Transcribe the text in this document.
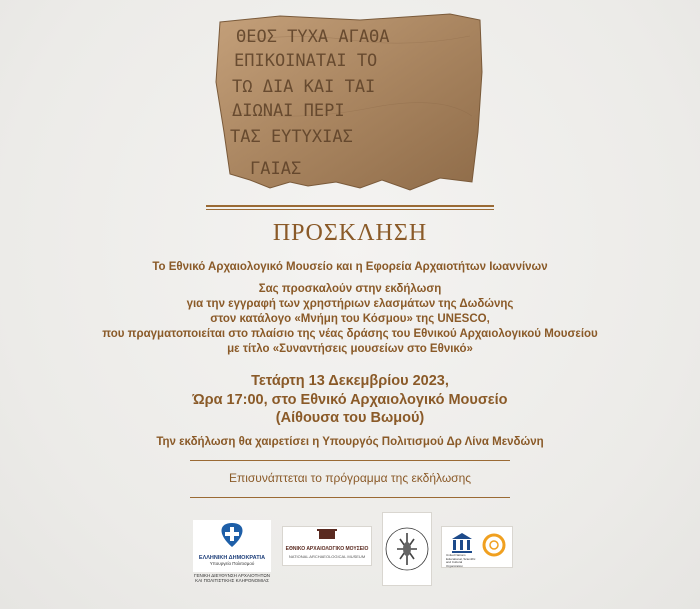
ΘΕΟΣ ΤΥΧΑ ΑΓΑΘΑ
ΕΠΙΚΟΙΝΑΤΑΙ ΤΟ
ΤΩ ΔΙΑ ΚΑΙ ΤΑΙ
ΔΙΩΝΑΙ ΠΕΡΙ
ΤΑΣ ΕΥΤΥΧΙΑΣ
ΓΑΙΑΣ
ΠΡΟΣΚΛΗΣΗ
Το Εθνικό Αρχαιολογικό Μουσείο και η Εφορεία Αρχαιοτήτων Ιωαννίνων
Σας προσκαλούν στην εκδήλωση
για την εγγραφή των χρηστήριων ελασμάτων της Δωδώνης
στον κατάλογο «Μνήμη του Κόσμου» της UNESCO,
που πραγματοποιείται στο πλαίσιο της νέας δράσης του Εθνικού Αρχαιολογικού Μουσείου
με τίτλο «Συναντήσεις μουσείων στο Εθνικό»
Τετάρτη 13 Δεκεμβρίου 2023,
Ώρα 17:00, στο Εθνικό Αρχαιολογικό Μουσείο
(Αίθουσα του Βωμού)
Την εκδήλωση θα χαιρετίσει η Υπουργός Πολιτισμού Δρ Λίνα Μενδώνη
Επισυνάπτεται το πρόγραμμα της εκδήλωσης
ΕΛΛΗΝΙΚΗ ΔΗΜΟΚΡΑΤΙΑ
Υπουργείο Πολιτισμού
ΓΕΝΙΚΗ ΔΙΕΥΘΥΝΣΗ ΑΡΧΑΙΟΤΗΤΩΝ
ΚΑΙ ΠΟΛΙΤΙΣΤΙΚΗΣ ΚΛΗΡΟΝΟΜΙΑΣ
ΕΘΝΙΚΟ ΑΡΧΑΙΟΛΟΓΙΚΟ ΜΟΥΣΕΙΟ
NATIONAL ARCHAEOLOGICAL MUSEUM	United Nations Educational, Scientific and Cultural Organization
